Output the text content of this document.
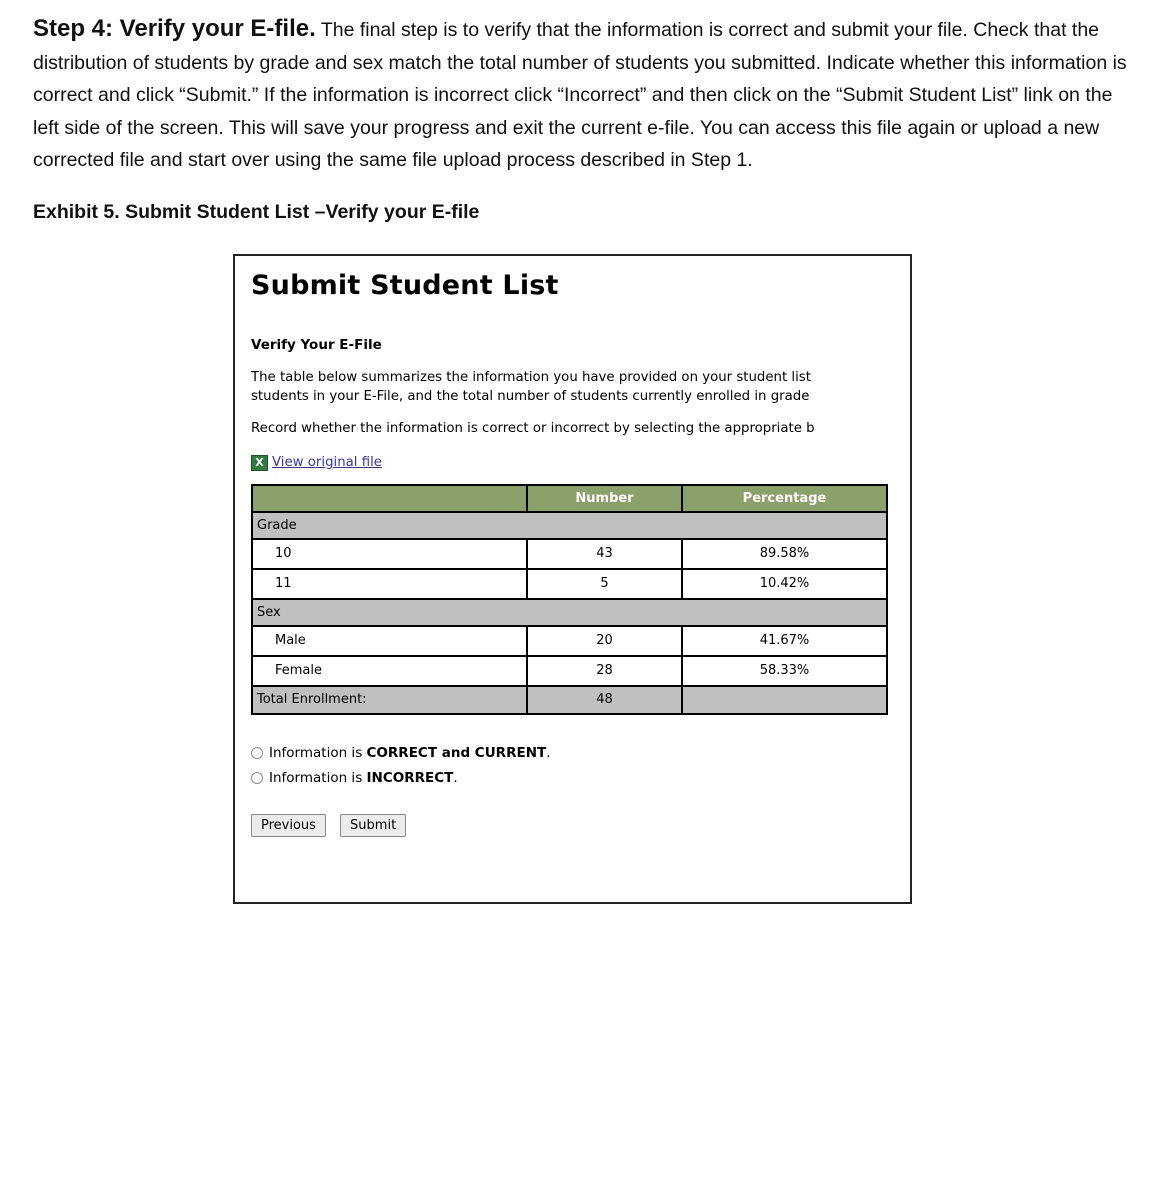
Step 4: Verify your E-file. The final step is to verify that the information is correct and submit your file. Check that the distribution of students by grade and sex match the total number of students you submitted. Indicate whether this information is correct and click “Submit.” If the information is incorrect click “Incorrect” and then click on the “Submit Student List” link on the left side of the screen. This will save your progress and exit the current e-file. You can access this file again or upload a new corrected file and start over using the same file upload process described in Step 1.

Exhibit 5. Submit Student List –Verify your E-file
Submit Student List
Verify Your E-File
The table below summarizes the information you have provided on your student list
students in your E-File, and the total number of students currently enrolled in grade
Record whether the information is correct or incorrect by selecting the appropriate b
X View original file
	Number	Percentage
Grade		
10	43	89.58%
11	5	10.42%
Sex		
Male	20	41.67%
Female	28	58.33%
Total Enrollment:	48	
Information is CORRECT and CURRENT.
Information is INCORRECT.
Previous	Submit
